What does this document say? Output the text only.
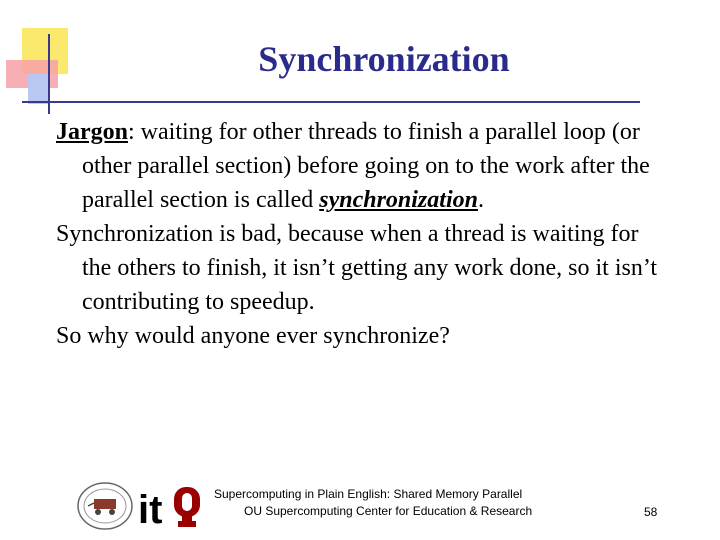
Synchronization

Jargon: waiting for other threads to finish a parallel loop (or other parallel section) before going on to the work after the parallel section is called synchronization.

Synchronization is bad, because when a thread is waiting for the others to finish, it isn’t getting any work done, so it isn’t contributing to speedup.

So why would anyone ever synchronize?

it	Supercomputing in Plain English: Shared Memory Parallel
OU Supercomputing Center for Education & Research	58
